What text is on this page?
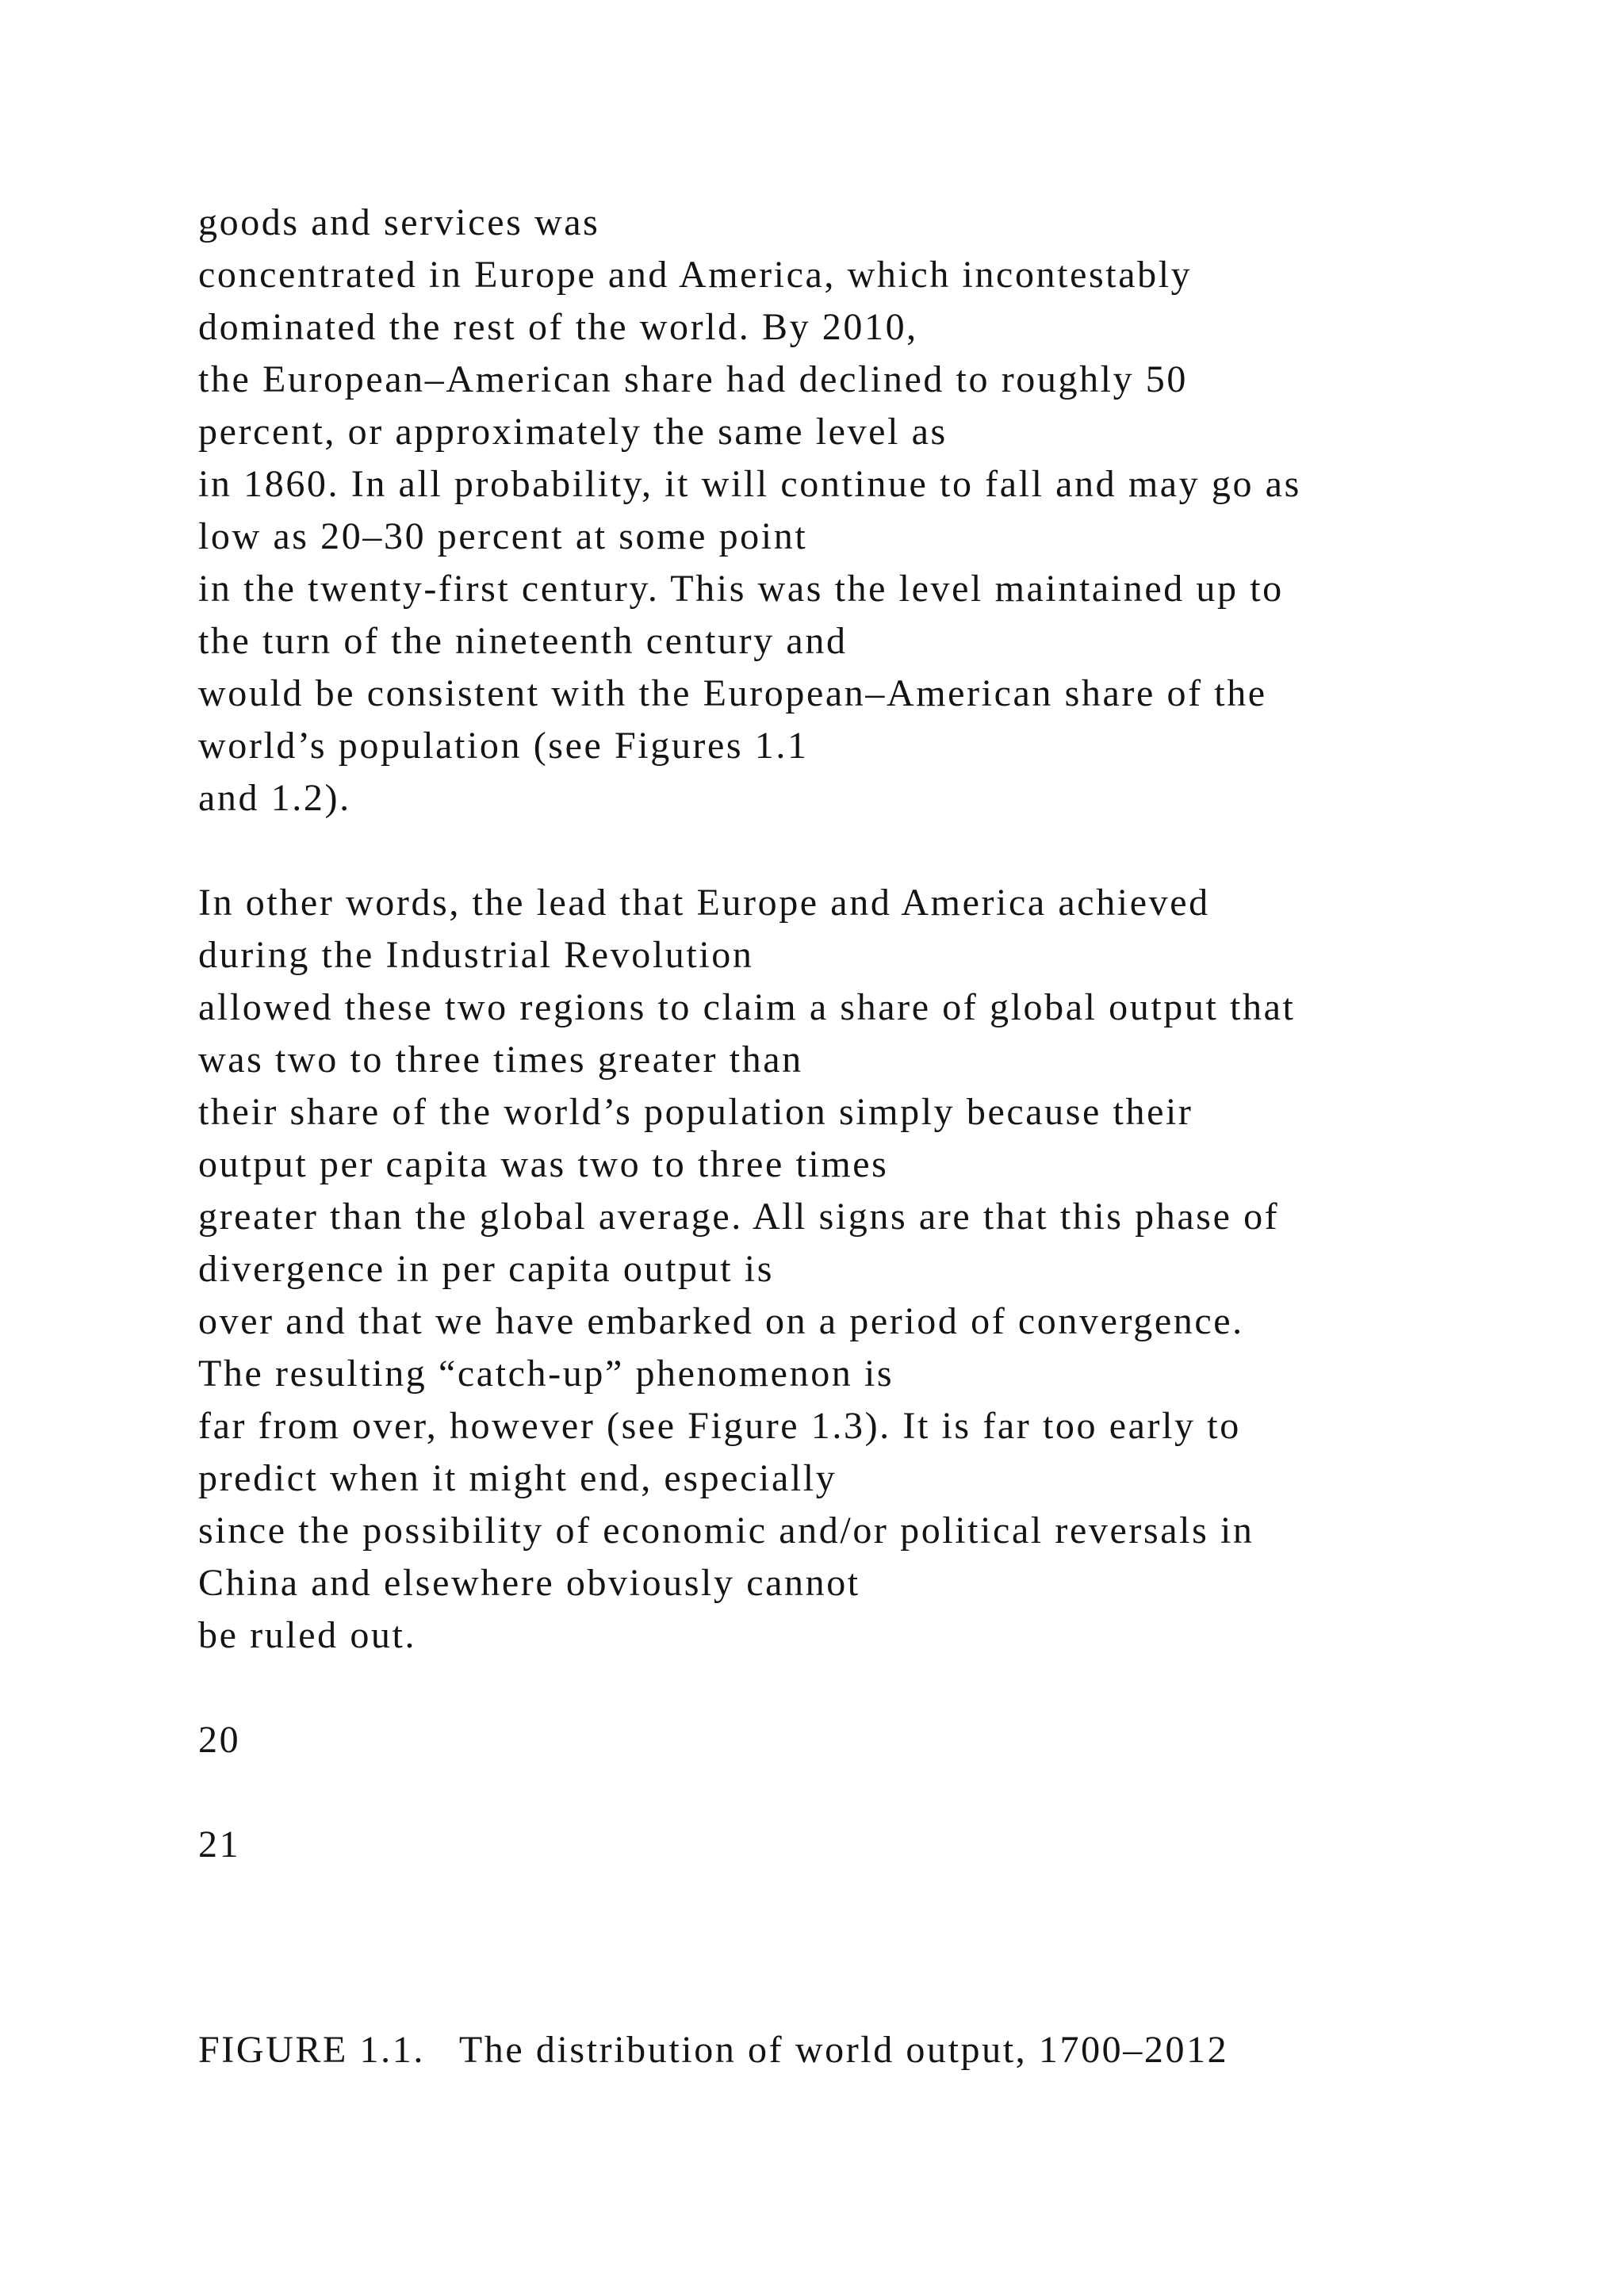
goods and services was
concentrated in Europe and America, which incontestably
dominated the rest of the world. By 2010,
the European–American share had declined to roughly 50
percent, or approximately the same level as
in 1860. In all probability, it will continue to fall and may go as
low as 20–30 percent at some point
in the twenty-first century. This was the level maintained up to
the turn of the nineteenth century and
would be consistent with the European–American share of the
world’s population (see Figures 1.1
and 1.2).
In other words, the lead that Europe and America achieved
during the Industrial Revolution
allowed these two regions to claim a share of global output that
was two to three times greater than
their share of the world’s population simply because their
output per capita was two to three times
greater than the global average. All signs are that this phase of
divergence in per capita output is
over and that we have embarked on a period of convergence.
The resulting “catch-up” phenomenon is
far from over, however (see Figure 1.3). It is far too early to
predict when it might end, especially
since the possibility of economic and/or political reversals in
China and elsewhere obviously cannot
be ruled out.
20
21
FIGURE 1.1.   The distribution of world output, 1700–2012
